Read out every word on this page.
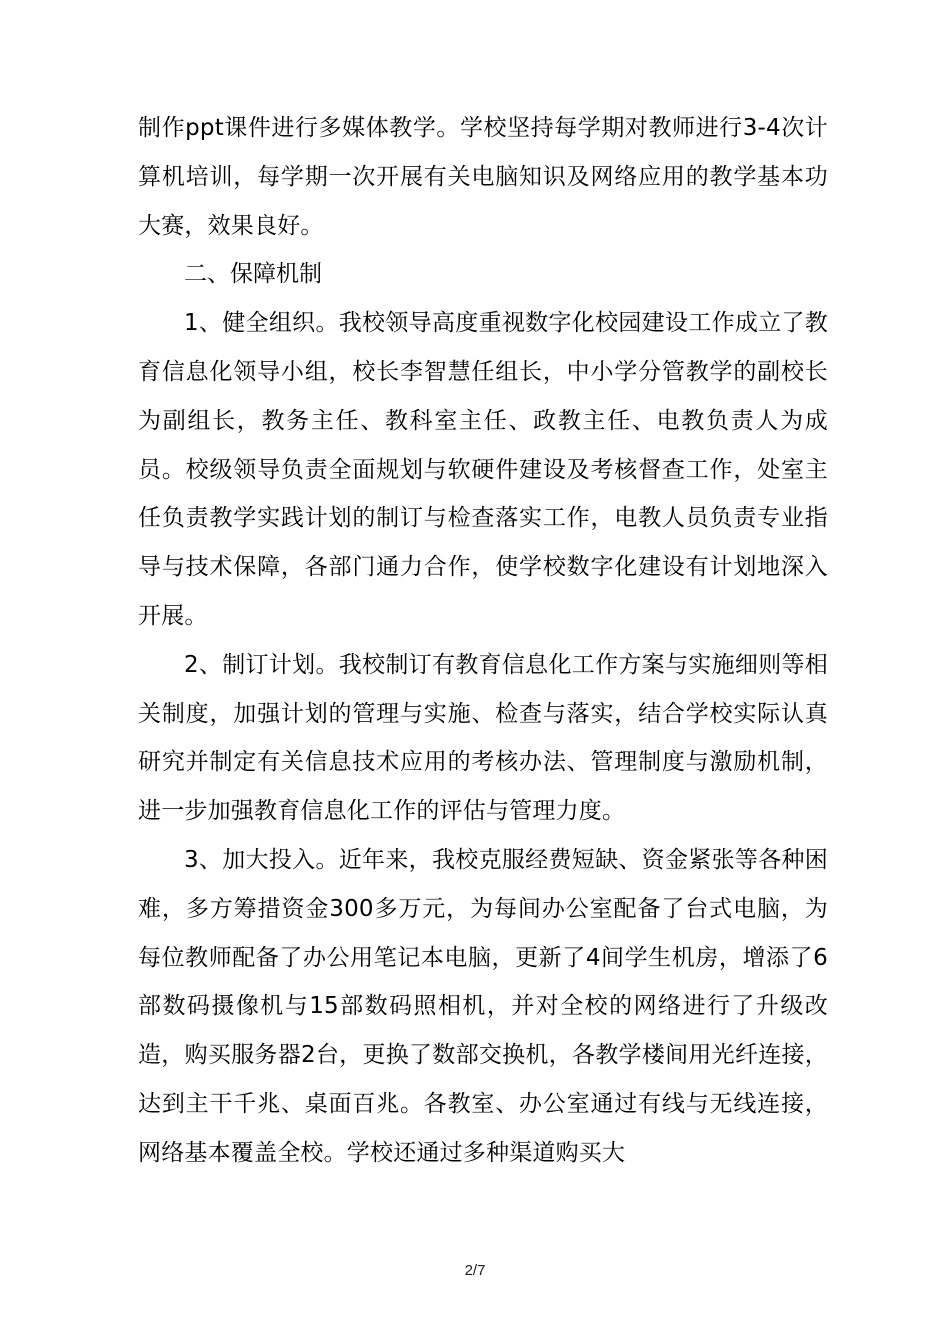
制作ppt课件进行多媒体教学。学校坚持每学期对教师进行3-4次计算机培训，每学期一次开展有关电脑知识及网络应用的教学基本功大赛，效果良好。

二、保障机制

1、健全组织。我校领导高度重视数字化校园建设工作成立了教育信息化领导小组，校长李智慧任组长，中小学分管教学的副校长为副组长，教务主任、教科室主任、政教主任、电教负责人为成员。校级领导负责全面规划与软硬件建设及考核督查工作，处室主任负责教学实践计划的制订与检查落实工作，电教人员负责专业指导与技术保障，各部门通力合作，使学校数字化建设有计划地深入开展。

2、制订计划。我校制订有教育信息化工作方案与实施细则等相关制度，加强计划的管理与实施、检查与落实，结合学校实际认真研究并制定有关信息技术应用的考核办法、管理制度与激励机制，进一步加强教育信息化工作的评估与管理力度。

3、加大投入。近年来，我校克服经费短缺、资金紧张等各种困难，多方筹措资金300多万元，为每间办公室配备了台式电脑，为每位教师配备了办公用笔记本电脑，更新了4间学生机房，增添了6部数码摄像机与15部数码照相机，并对全校的网络进行了升级改造，购买服务器2台，更换了数部交换机，各教学楼间用光纤连接，达到主干千兆、桌面百兆。各教室、办公室通过有线与无线连接，网络基本覆盖全校。学校还通过多种渠道购买大

2/7
